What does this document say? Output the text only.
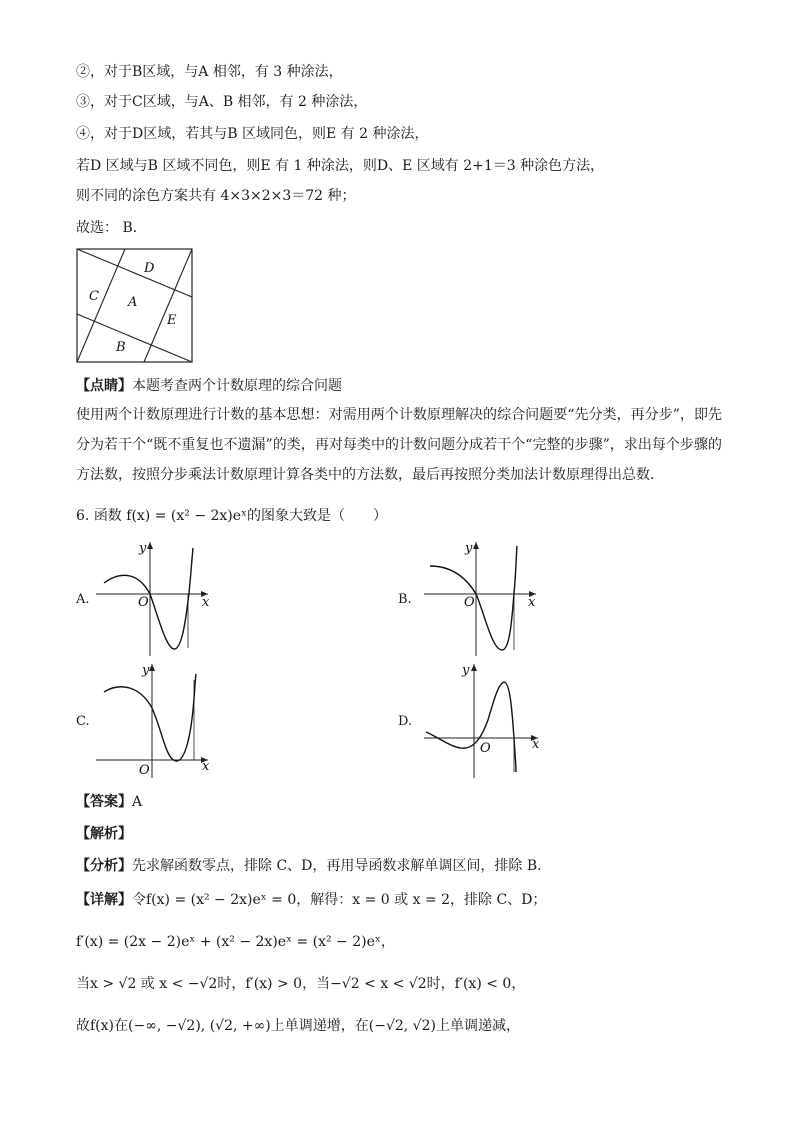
②，对于B区域，与A 相邻，有 3 种涂法，
③，对于C区域，与A、B 相邻，有 2 种涂法，
④，对于D区域，若其与B 区域同色，则E 有 2 种涂法，
若D 区域与B 区域不同色，则E 有 1 种涂法，则D、E 区域有 2+1＝3 种涂色方法，
则不同的涂色方案共有 4×3×2×3＝72 种；
故选： B．
D
C A
E
B
【点睛】本题考查两个计数原理的综合问题
使用两个计数原理进行计数的基本思想：对需用两个计数原理解决的综合问题要“先分类，再分步”，即先分为若干个“既不重复也不遗漏”的类，再对每类中的计数问题分成若干个“完整的步骤”，求出每个步骤的方法数，按照分步乘法计数原理计算各类中的方法数，最后再按照分类加法计数原理得出总数．
6. 函数 f(x) = (x² − 2x)eˣ的图象大致是（　　）
A.
y
x
O	B.
y
x
O
C.
y
x
O
D.
y
x
O
【答案】A
【解析】
【分析】先求解函数零点，排除 C、D，再用导函数求解单调区间，排除 B.
【详解】令f(x) = (x² − 2x)eˣ = 0，解得：x = 0 或 x = 2，排除 C、D；
f′(x) = (2x − 2)eˣ + (x² − 2x)eˣ = (x² − 2)eˣ，
当x > √2 或 x < −√2时，f′(x) > 0，当−√2 < x < √2时，f′(x) < 0，
故f(x)在(−∞, −√2), (√2, +∞)上单调递增，在(−√2, √2)上单调递减，
